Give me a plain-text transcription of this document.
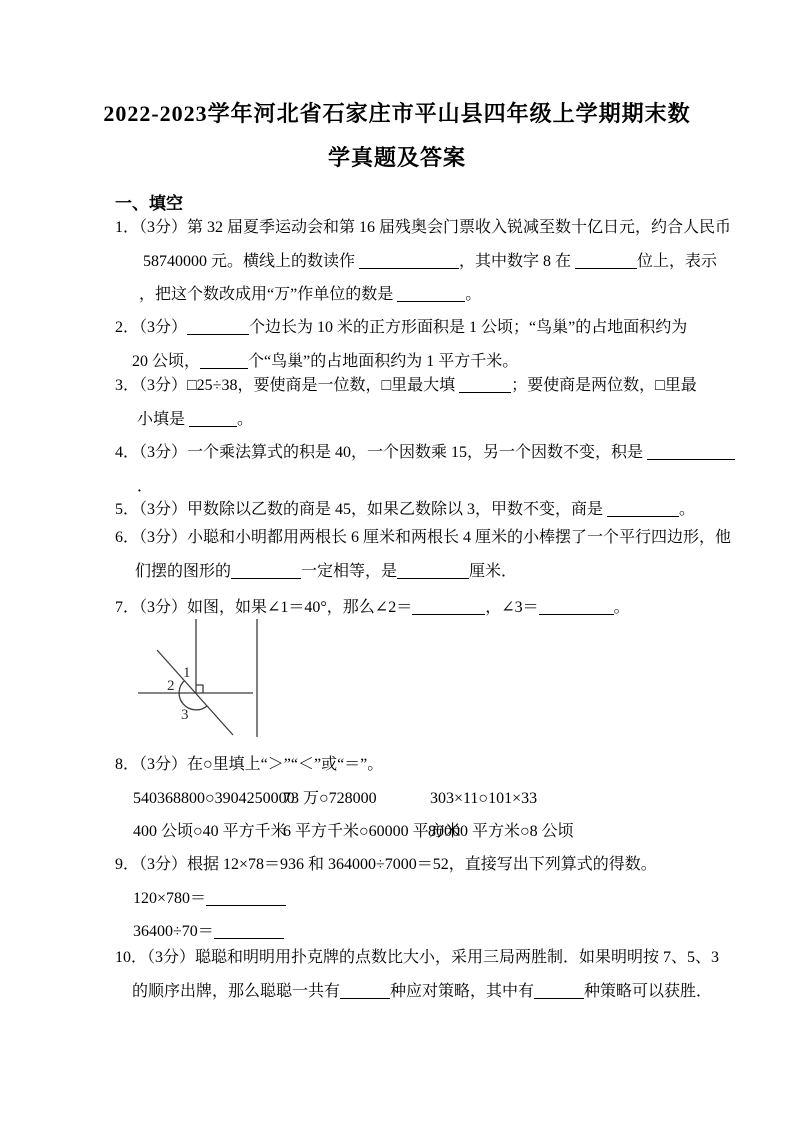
2022-2023学年河北省石家庄市平山县四年级上学期期末数
学真题及答案
一、填空
1．（3分）第 32 届夏季运动会和第 16 届残奥会门票收入锐减至数十亿日元，约合人民币
58740000 元。横线上的数读作	，其中数字 8 在	位上，表示
，把这个数改成用“万”作单位的数是	。
2．（3分）	个边长为 10 米的正方形面积是 1 公顷；“鸟巢”的占地面积约为
20 公顷，	个“鸟巢”的占地面积约为 1 平方千米。
3．（3分）□25÷38，要使商是一位数，□里最大填	；要使商是两位数，□里最
小填是	。
4．（3分）一个乘法算式的积是 40，一个因数乘 15，另一个因数不变，积是
．
5．（3分）甲数除以乙数的商是 45，如果乙数除以 3，甲数不变，商是	。
6．（3分）小聪和小明都用两根长 6 厘米和两根长 4 厘米的小棒摆了一个平行四边形，他
们摆的图形的	一定相等，是	厘米．
7．（3分）如图，如果∠1＝40°，那么∠2＝	，∠3＝	。
8．（3分）在○里填上“＞”“＜”或“＝”。
540368800○3904250000
73 万○728000	303×11○101×33
400 公顷○40 平方千米
6 平方千米○60000 平方米
80000 平方米○8 公顷
9．（3分）根据 12×78＝936 和 364000÷7000＝52，直接写出下列算式的得数。
120×780＝
36400÷70＝
10．（3分）聪聪和明明用扑克牌的点数比大小，采用三局两胜制．如果明明按 7、5、3
的顺序出牌，那么聪聪一共有	种应对策略，其中有	种策略可以获胜．
1
2
3
